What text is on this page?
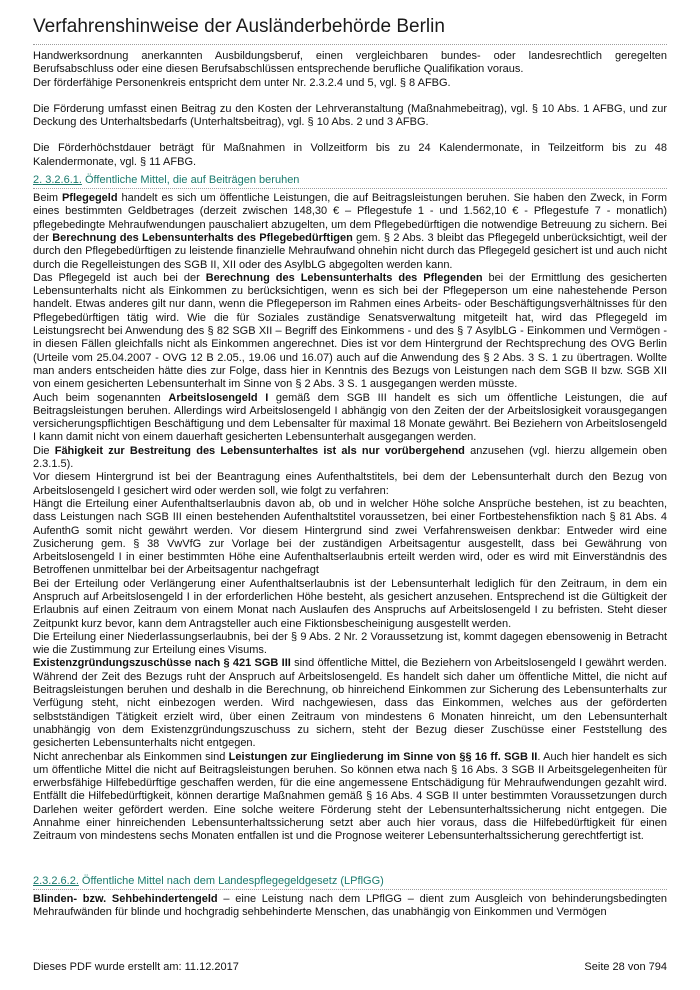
Verfahrenshinweise der Ausländerbehörde Berlin

Handwerksordnung anerkannten Ausbildungsberuf, einen vergleichbaren bundes- oder landesrechtlich geregelten Berufsabschluss oder eine diesen Berufsabschlüssen entsprechende berufliche Qualifikation voraus.
Der förderfähige Personenkreis entspricht dem unter Nr. 2.3.2.4 und 5, vgl. § 8 AFBG.

Die Förderung umfasst einen Beitrag zu den Kosten der Lehrveranstaltung (Maßnahmebeitrag), vgl. § 10 Abs. 1 AFBG, und zur Deckung des Unterhaltsbedarfs (Unterhaltsbeitrag), vgl. § 10 Abs. 2 und 3 AFBG.

Die Förderhöchstdauer beträgt für Maßnahmen in Vollzeitform bis zu 24 Kalendermonate, in Teilzeitform bis zu 48 Kalendermonate, vgl. § 11 AFBG.

2. 3.2.6.1. Öffentliche Mittel, die auf Beiträgen beruhen

Beim Pflegegeld handelt es sich um öffentliche Leistungen, die auf Beitragsleistungen beruhen. Sie haben den Zweck, in Form eines bestimmten Geldbetrages (derzeit zwischen 148,30 € – Pflegestufe 1 - und 1.562,10 € - Pflegestufe 7 - monatlich) pflegebedingte Mehraufwendungen pauschaliert abzugelten, um dem Pflegebedürftigen die notwendige Betreuung zu sichern. Bei der Berechnung des Lebensunterhalts des Pflegebedürftigen gem. § 2 Abs. 3 bleibt das Pflegegeld unberücksichtigt, weil der durch den Pflegebedürftigen zu leistende finanzielle Mehraufwand ohnehin nicht durch das Pflegegeld gesichert ist und auch nicht durch die Regelleistungen des SGB II, XII oder des AsylbLG abgegolten werden kann.

Das Pflegegeld ist auch bei der Berechnung des Lebensunterhalts des Pflegenden bei der Ermittlung des gesicherten Lebensunterhalts nicht als Einkommen zu berücksichtigen, wenn es sich bei der Pflegeperson um eine nahestehende Person handelt. Etwas anderes gilt nur dann, wenn die Pflegeperson im Rahmen eines Arbeits- oder Beschäftigungsverhältnisses für den Pflegebedürftigen tätig wird. Wie die für Soziales zuständige Senatsverwaltung mitgeteilt hat, wird das Pflegegeld im Leistungsrecht bei Anwendung des § 82 SGB XII – Begriff des Einkommens - und des § 7 AsylbLG - Einkommen und Vermögen - in diesen Fällen gleichfalls nicht als Einkommen angerechnet. Dies ist vor dem Hintergrund der Rechtsprechung des OVG Berlin (Urteile vom 25.04.2007 - OVG 12 B 2.05., 19.06 und 16.07) auch auf die Anwendung des § 2 Abs. 3 S. 1 zu übertragen. Wollte man anders entscheiden hätte dies zur Folge, dass hier in Kenntnis des Bezugs von Leistungen nach dem SGB II bzw. SGB XII von einem gesicherten Lebensunterhalt im Sinne von § 2 Abs. 3 S. 1 ausgegangen werden müsste.

Auch beim sogenannten Arbeitslosengeld I gemäß dem SGB III handelt es sich um öffentliche Leistungen, die auf Beitragsleistungen beruhen. Allerdings wird Arbeitslosengeld I abhängig von den Zeiten der der Arbeitslosigkeit vorausgegangen versicherungspflichtigen Beschäftigung und dem Lebensalter für maximal 18 Monate gewährt. Bei Beziehern von Arbeitslosengeld I kann damit nicht von einem dauerhaft gesicherten Lebensunterhalt ausgegangen werden.

Die Fähigkeit zur Bestreitung des Lebensunterhaltes ist als nur vorübergehend anzusehen (vgl. hierzu allgemein oben 2.3.1.5).

Vor diesem Hintergrund ist bei der Beantragung eines Aufenthaltstitels, bei dem der Lebensunterhalt durch den Bezug von Arbeitslosengeld I gesichert wird oder werden soll, wie folgt zu verfahren:

Hängt die Erteilung einer Aufenthaltserlaubnis davon ab, ob und in welcher Höhe solche Ansprüche bestehen, ist zu beachten, dass Leistungen nach SGB III einen bestehenden Aufenthaltstitel voraussetzen, bei einer Fortbestehensfiktion nach § 81 Abs. 4 AufenthG somit nicht gewährt werden. Vor diesem Hintergrund sind zwei Verfahrensweisen denkbar: Entweder wird eine Zusicherung gem. § 38 VwVfG zur Vorlage bei der zuständigen Arbeitsagentur ausgestellt, dass bei Gewährung von Arbeitslosengeld I in einer bestimmten Höhe eine Aufenthaltserlaubnis erteilt werden wird, oder es wird mit Einverständnis des Betroffenen unmittelbar bei der Arbeitsagentur nachgefragt

Bei der Erteilung oder Verlängerung einer Aufenthaltserlaubnis ist der Lebensunterhalt lediglich für den Zeitraum, in dem ein Anspruch auf Arbeitslosengeld I in der erforderlichen Höhe besteht, als gesichert anzusehen. Entsprechend ist die Gültigkeit der Erlaubnis auf einen Zeitraum von einem Monat nach Auslaufen des Anspruchs auf Arbeitslosengeld I zu befristen. Steht dieser Zeitpunkt kurz bevor, kann dem Antragsteller auch eine Fiktionsbescheinigung ausgestellt werden.

Die Erteilung einer Niederlassungserlaubnis, bei der § 9 Abs. 2 Nr. 2 Voraussetzung ist, kommt dagegen ebensowenig in Betracht wie die Zustimmung zur Erteilung eines Visums.

Existenzgründungszuschüsse nach § 421 SGB III sind öffentliche Mittel, die Beziehern von Arbeitslosengeld I gewährt werden. Während der Zeit des Bezugs ruht der Anspruch auf Arbeitslosengeld. Es handelt sich daher um öffentliche Mittel, die nicht auf Beitragsleistungen beruhen und deshalb in die Berechnung, ob hinreichend Einkommen zur Sicherung des Lebensunterhalts zur Verfügung steht, nicht einbezogen werden. Wird nachgewiesen, dass das Einkommen, welches aus der geförderten selbstständigen Tätigkeit erzielt wird, über einen Zeitraum von mindestens 6 Monaten hinreicht, um den Lebensunterhalt unabhängig von dem Existenzgründungszuschuss zu sichern, steht der Bezug dieser Zuschüsse einer Feststellung des gesicherten Lebensunterhalts nicht entgegen.

Nicht anrechenbar als Einkommen sind Leistungen zur Eingliederung im Sinne von §§ 16 ff. SGB II. Auch hier handelt es sich um öffentliche Mittel die nicht auf Beitragsleistungen beruhen. So können etwa nach § 16 Abs. 3 SGB II Arbeitsgelegenheiten für erwerbsfähige Hilfebedürftige geschaffen werden, für die eine angemessene Entschädigung für Mehraufwendungen gezahlt wird. Entfällt die Hilfebedürftigkeit, können derartige Maßnahmen gemäß § 16 Abs. 4 SGB II unter bestimmten Voraussetzungen durch Darlehen weiter gefördert werden. Eine solche weitere Förderung steht der Lebensunterhaltssicherung nicht entgegen. Die Annahme einer hinreichenden Lebensunterhaltssicherung setzt aber auch hier voraus, dass die Hilfebedürftigkeit für einen Zeitraum von mindestens sechs Monaten entfallen ist und die Prognose weiterer Lebensunterhaltssicherung gerechtfertigt ist.

2.3.2.6.2. Öffentliche Mittel nach dem Landespflegegeldgesetz (LPflGG)

Blinden- bzw. Sehbehindertengeld – eine Leistung nach dem LPflGG – dient zum Ausgleich von behinderungsbedingten Mehraufwänden für blinde und hochgradig sehbehinderte Menschen, das unabhängig von Einkommen und Vermögen

Dieses PDF wurde erstellt am: 11.12.2017	Seite 28 von 794
